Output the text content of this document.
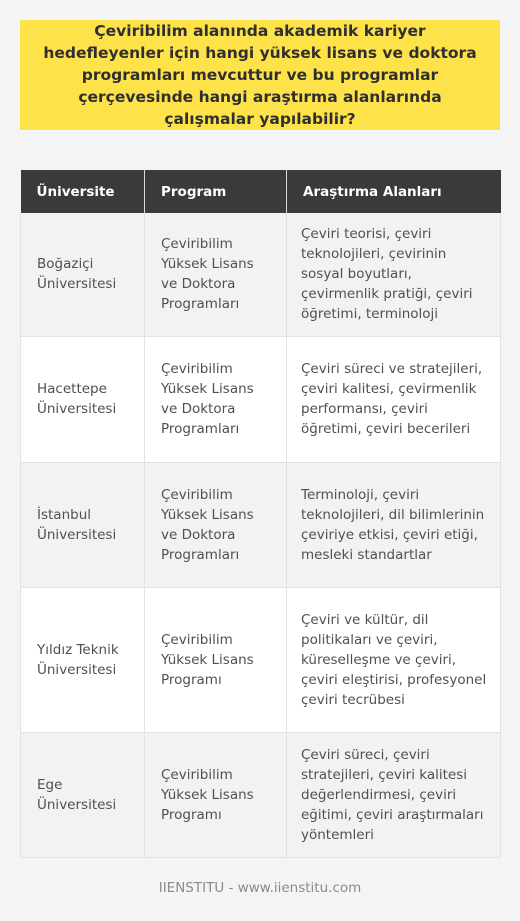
Çeviribilim alanında akademik kariyer hedefleyenler için hangi yüksek lisans ve doktora programları mevcuttur ve bu programlar çerçevesinde hangi araştırma alanlarında çalışmalar yapılabilir?
Üniversite	Program	Araştırma Alanları
Boğaziçi Üniversitesi	Çeviribilim Yüksek Lisans ve Doktora Programları	Çeviri teorisi, çeviri teknolojileri, çevirinin sosyal boyutları, çevirmenlik pratiği, çeviri öğretimi, terminoloji
Hacettepe Üniversitesi	Çeviribilim Yüksek Lisans ve Doktora Programları	Çeviri süreci ve stratejileri, çeviri kalitesi, çevirmenlik performansı, çeviri öğretimi, çeviri becerileri
İstanbul Üniversitesi	Çeviribilim Yüksek Lisans ve Doktora Programları	Terminoloji, çeviri teknolojileri, dil bilimlerinin çeviriye etkisi, çeviri etiği, mesleki standartlar
Yıldız Teknik Üniversitesi	Çeviribilim Yüksek Lisans Programı	Çeviri ve kültür, dil politikaları ve çeviri, küreselleşme ve çeviri, çeviri eleştirisi, profesyonel çeviri tecrübesi
Ege Üniversitesi	Çeviribilim Yüksek Lisans Programı	Çeviri süreci, çeviri stratejileri, çeviri kalitesi değerlendirmesi, çeviri eğitimi, çeviri araştırmaları yöntemleri
IIENSTITU - www.iienstitu.com
